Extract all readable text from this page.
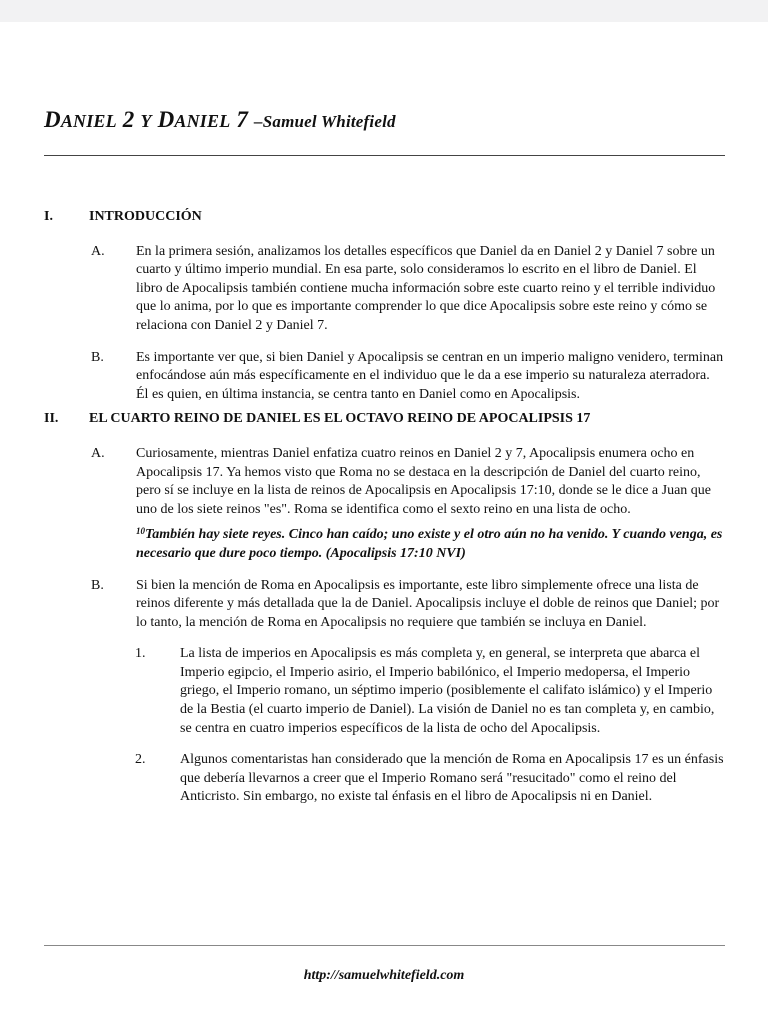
DANIEL 2 Y DANIEL 7 –Samuel Whitefield
I.	INTRODUCCIÓN
A. En la primera sesión, analizamos los detalles específicos que Daniel da en Daniel 2 y Daniel 7 sobre un cuarto y último imperio mundial. En esa parte, solo consideramos lo escrito en el libro de Daniel. El libro de Apocalipsis también contiene mucha información sobre este cuarto reino y el terrible individuo que lo anima, por lo que es importante comprender lo que dice Apocalipsis sobre este reino y cómo se relaciona con Daniel 2 y Daniel 7.
B. Es importante ver que, si bien Daniel y Apocalipsis se centran en un imperio maligno venidero, terminan enfocándose aún más específicamente en el individuo que le da a ese imperio su naturaleza aterradora. Él es quien, en última instancia, se centra tanto en Daniel como en Apocalipsis.
II. EL CUARTO REINO DE DANIEL ES EL OCTAVO REINO DE APOCALIPSIS 17
A. Curiosamente, mientras Daniel enfatiza cuatro reinos en Daniel 2 y 7, Apocalipsis enumera ocho en Apocalipsis 17. Ya hemos visto que Roma no se destaca en la descripción de Daniel del cuarto reino, pero sí se incluye en la lista de reinos de Apocalipsis en Apocalipsis 17:10, donde se le dice a Juan que uno de los siete reinos "es". Roma se identifica como el sexto reino en una lista de ocho.
$^{10}$También hay siete reyes. Cinco han caído; uno existe y el otro aún no ha venido. Y cuando venga, es necesario que dure poco tiempo. (Apocalipsis 17:10 NVI)
B. Si bien la mención de Roma en Apocalipsis es importante, este libro simplemente ofrece una lista de reinos diferente y más detallada que la de Daniel. Apocalipsis incluye el doble de reinos que Daniel; por lo tanto, la mención de Roma en Apocalipsis no requiere que también se incluya en Daniel.
1. La lista de imperios en Apocalipsis es más completa y, en general, se interpreta que abarca el Imperio egipcio, el Imperio asirio, el Imperio babilónico, el Imperio medopersa, el Imperio griego, el Imperio romano, un séptimo imperio (posiblemente el califato islámico) y el Imperio de la Bestia (el cuarto imperio de Daniel). La visión de Daniel no es tan completa y, en cambio, se centra en cuatro imperios específicos de la lista de ocho del Apocalipsis.
2. Algunos comentaristas han considerado que la mención de Roma en Apocalipsis 17 es un énfasis que debería llevarnos a creer que el Imperio Romano será "resucitado" como el reino del Anticristo. Sin embargo, no existe tal énfasis en el libro de Apocalipsis ni en Daniel.
http://samuelwhitefield.com
